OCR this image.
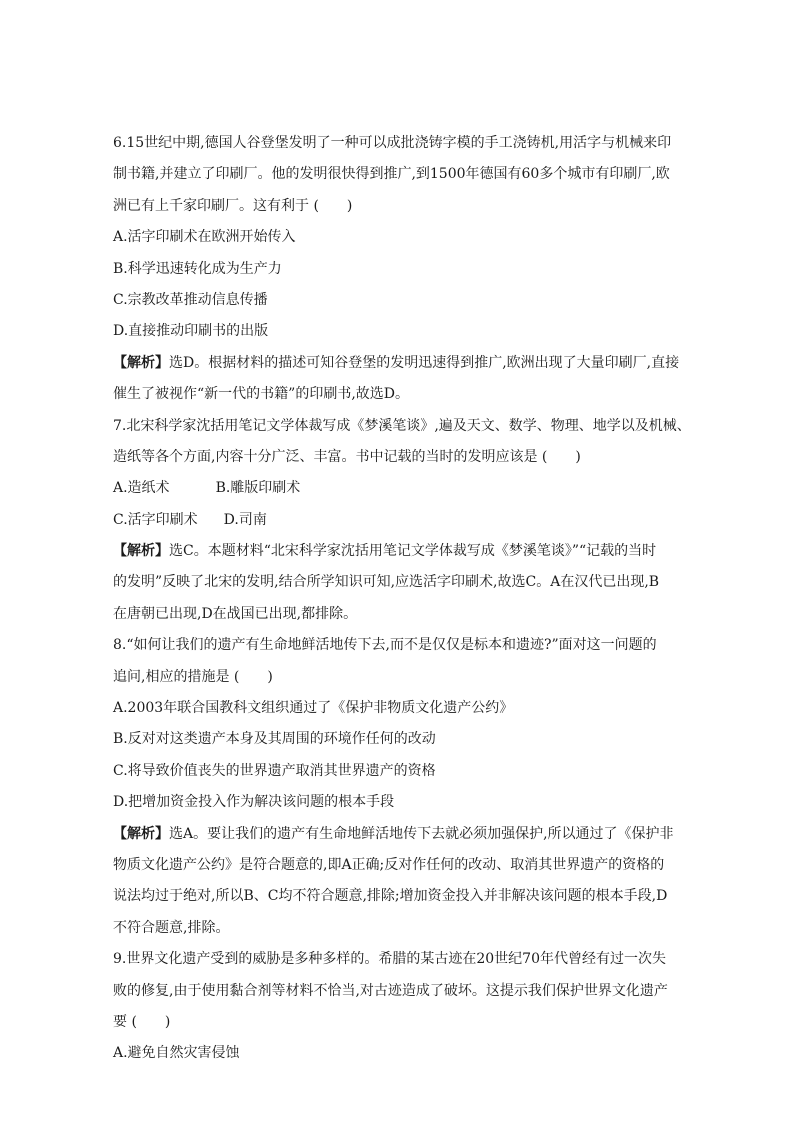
6.15世纪中期,德国人谷登堡发明了一种可以成批浇铸字模的手工浇铸机,用活字与机械来印
制书籍,并建立了印刷厂。他的发明很快得到推广,到1500年德国有60多个城市有印刷厂,欧
洲已有上千家印刷厂。这有利于 (　　)
A.活字印刷术在欧洲开始传入
B.科学迅速转化成为生产力
C.宗教改革推动信息传播
D.直接推动印刷书的出版
【解析】选D。根据材料的描述可知谷登堡的发明迅速得到推广,欧洲出现了大量印刷厂,直接
催生了被视作“新一代的书籍”的印刷书,故选D。
7.北宋科学家沈括用笔记文学体裁写成《梦溪笔谈》,遍及天文、数学、物理、地学以及机械、
造纸等各个方面,内容十分广泛、丰富。书中记载的当时的发明应该是 (　　)
A.造纸术	B.雕版印刷术
C.活字印刷术 D.司南
【解析】选C。本题材料“北宋科学家沈括用笔记文学体裁写成《梦溪笔谈》”“记载的当时
的发明”反映了北宋的发明,结合所学知识可知,应选活字印刷术,故选C。A在汉代已出现,B
在唐朝已出现,D在战国已出现,都排除。
8.“如何让我们的遗产有生命地鲜活地传下去,而不是仅仅是标本和遗迹?”面对这一问题的
追问,相应的措施是 (　　)
A.2003年联合国教科文组织通过了《保护非物质文化遗产公约》
B.反对对这类遗产本身及其周围的环境作任何的改动
C.将导致价值丧失的世界遗产取消其世界遗产的资格
D.把增加资金投入作为解决该问题的根本手段
【解析】选A。要让我们的遗产有生命地鲜活地传下去就必须加强保护,所以通过了《保护非
物质文化遗产公约》是符合题意的,即A正确;反对作任何的改动、取消其世界遗产的资格的
说法均过于绝对,所以B、C均不符合题意,排除;增加资金投入并非解决该问题的根本手段,D
不符合题意,排除。
9.世界文化遗产受到的威胁是多种多样的。希腊的某古迹在20世纪70年代曾经有过一次失
败的修复,由于使用黏合剂等材料不恰当,对古迹造成了破坏。这提示我们保护世界文化遗产
要 (　　)
A.避免自然灾害侵蚀
